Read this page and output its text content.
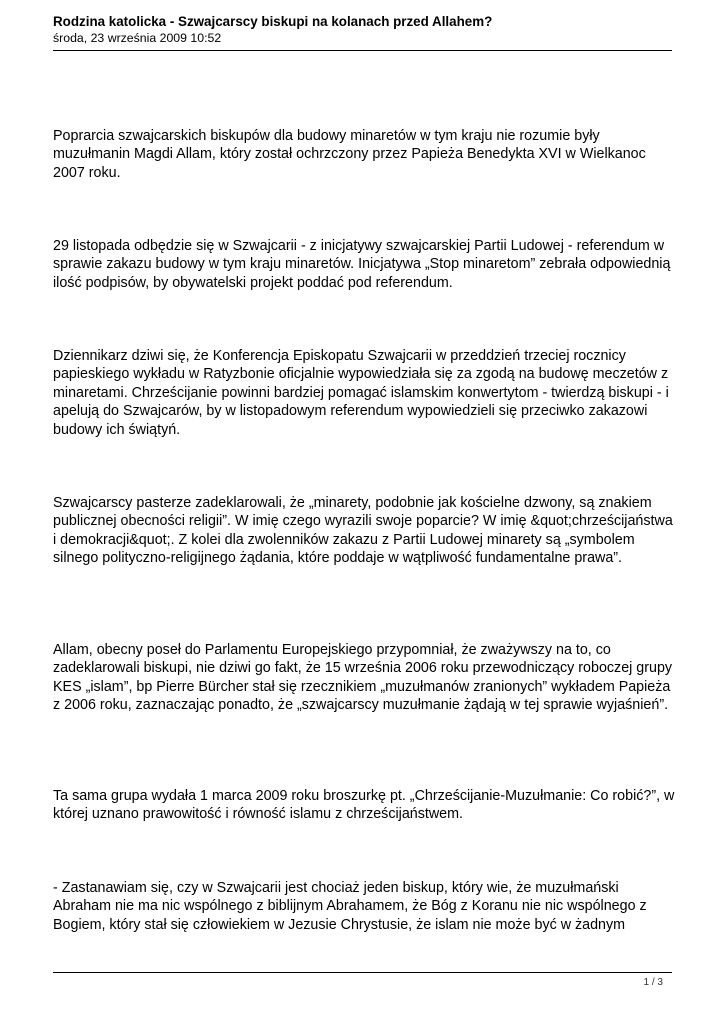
Rodzina katolicka - Szwajcarscy biskupi na kolanach przed Allahem?
środa, 23 września 2009 10:52

Poprarcia szwajcarskich biskupów dla budowy minaretów w tym kraju nie rozumie były muzułmanin Magdi Allam, który został ochrzczony przez Papieża Benedykta XVI w Wielkanoc 2007 roku.

29 listopada odbędzie się w Szwajcarii - z inicjatywy szwajcarskiej Partii Ludowej - referendum w sprawie zakazu budowy w tym kraju minaretów. Inicjatywa „Stop minaretom” zebrała odpowiednią ilość podpisów, by obywatelski projekt poddać pod referendum.

Dziennikarz dziwi się, że Konferencja Episkopatu Szwajcarii w przeddzień trzeciej rocznicy papieskiego wykładu w Ratyzbonie oficjalnie wypowiedziała się za zgodą na budowę meczetów z minaretami. Chrześcijanie powinni bardziej pomagać islamskim konwertytom - twierdzą biskupi - i apelują do Szwajcarów, by w listopadowym referendum wypowiedzieli się przeciwko zakazowi budowy ich świątyń.

Szwajcarscy pasterze zadeklarowali, że „minarety, podobnie jak kościelne dzwony, są znakiem publicznej obecności religii”. W imię czego wyrazili swoje poparcie? W imię &quot;chrześcijaństwa i demokracji&quot;. Z kolei dla zwolenników zakazu z Partii Ludowej minarety są „symbolem silnego polityczno-religijnego żądania, które poddaje w wątpliwość fundamentalne prawa”.

Allam, obecny poseł do Parlamentu Europejskiego przypomniał, że zważywszy na to, co zadeklarowali biskupi, nie dziwi go fakt, że 15 września 2006 roku przewodniczący roboczej grupy KES „islam”, bp Pierre Bürcher stał się rzecznikiem „muzułmanów zranionych” wykładem Papieża z 2006 roku, zaznaczając ponadto, że „szwajcarscy muzułmanie żądają w tej sprawie wyjaśnień”.

Ta sama grupa wydała 1 marca 2009 roku broszurkę pt. „Chrześcijanie-Muzułmanie: Co robić?”, w której uznano prawowitość i równość islamu z chrześcijaństwem.

- Zastanawiam się, czy w Szwajcarii jest chociaż jeden biskup, który wie, że muzułmański Abraham nie ma nic wspólnego z biblijnym Abrahamem, że Bóg z Koranu nie nic wspólnego z Bogiem, który stał się człowiekiem w Jezusie Chrystusie, że islam nie może być w żadnym

1 / 3
